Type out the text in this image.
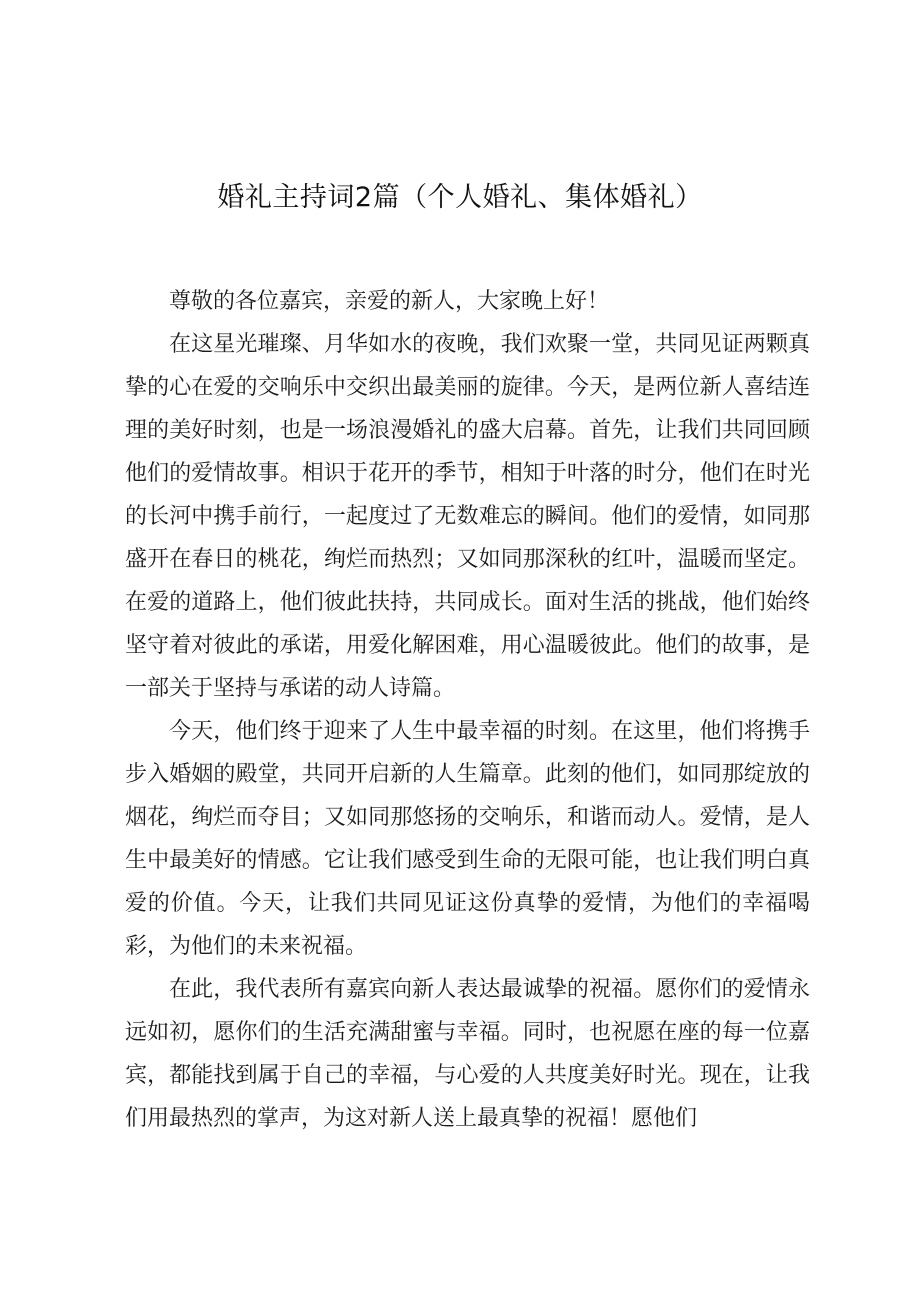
婚礼主持词2篇（个人婚礼、集体婚礼）

尊敬的各位嘉宾，亲爱的新人，大家晚上好！

在这星光璀璨、月华如水的夜晚，我们欢聚一堂，共同见证两颗真挚的心在爱的交响乐中交织出最美丽的旋律。今天，是两位新人喜结连理的美好时刻，也是一场浪漫婚礼的盛大启幕。首先，让我们共同回顾他们的爱情故事。相识于花开的季节，相知于叶落的时分，他们在时光的长河中携手前行，一起度过了无数难忘的瞬间。他们的爱情，如同那盛开在春日的桃花，绚烂而热烈；又如同那深秋的红叶，温暖而坚定。在爱的道路上，他们彼此扶持，共同成长。面对生活的挑战，他们始终坚守着对彼此的承诺，用爱化解困难，用心温暖彼此。他们的故事，是一部关于坚持与承诺的动人诗篇。

今天，他们终于迎来了人生中最幸福的时刻。在这里，他们将携手步入婚姻的殿堂，共同开启新的人生篇章。此刻的他们，如同那绽放的烟花，绚烂而夺目；又如同那悠扬的交响乐，和谐而动人。爱情，是人生中最美好的情感。它让我们感受到生命的无限可能，也让我们明白真爱的价值。今天，让我们共同见证这份真挚的爱情，为他们的幸福喝彩，为他们的未来祝福。

在此，我代表所有嘉宾向新人表达最诚挚的祝福。愿你们的爱情永远如初，愿你们的生活充满甜蜜与幸福。同时，也祝愿在座的每一位嘉宾，都能找到属于自己的幸福，与心爱的人共度美好时光。现在，让我们用最热烈的掌声，为这对新人送上最真挚的祝福！愿他们
